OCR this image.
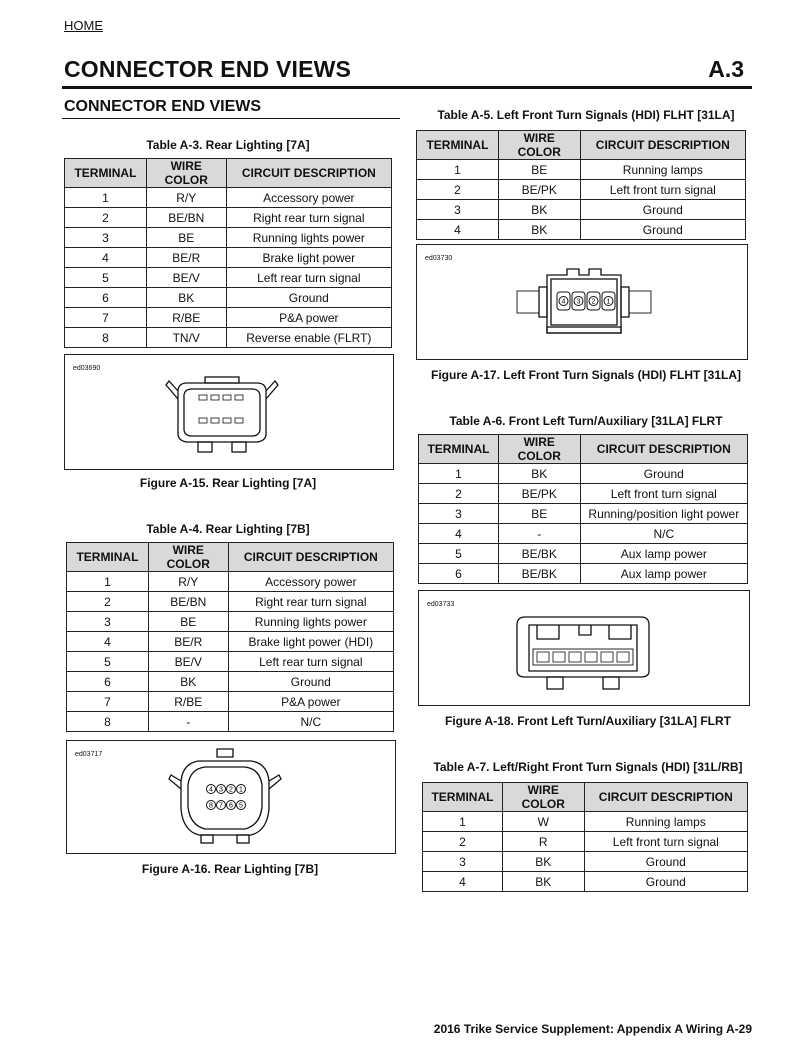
HOME
CONNECTOR END VIEWS	A.3
CONNECTOR END VIEWS
Table A-3. Rear Lighting [7A]
TERMINAL	WIRE COLOR	CIRCUIT DESCRIPTION
1	R/Y	Accessory power
2	BE/BN	Right rear turn signal
3	BE	Running lights power
4	BE/R	Brake light power
5	BE/V	Left rear turn signal
6	BK	Ground
7	R/BE	P&A power
8	TN/V	Reverse enable (FLRT)
ed03690
Figure A-15. Rear Lighting [7A]
Table A-4. Rear Lighting [7B]
TERMINAL	WIRE COLOR	CIRCUIT DESCRIPTION
1	R/Y	Accessory power
2	BE/BN	Right rear turn signal
3	BE	Running lights power
4	BE/R	Brake light power (HDI)
5	BE/V	Left rear turn signal
6	BK	Ground
7	R/BE	P&A power
8	-	N/C
ed03717
4 3 2 1
8 7 6 5
Figure A-16. Rear Lighting [7B]
Table A-5. Left Front Turn Signals (HDI) FLHT [31LA]
TERMINAL	WIRE COLOR	CIRCUIT DESCRIPTION
1	BE	Running lamps
2	BE/PK	Left front turn signal
3	BK	Ground
4	BK	Ground
ed03730
4 3 2 1
Figure A-17. Left Front Turn Signals (HDI) FLHT [31LA]
Table A-6. Front Left Turn/Auxiliary [31LA] FLRT
TERMINAL	WIRE COLOR	CIRCUIT DESCRIPTION
1	BK	Ground
2	BE/PK	Left front turn signal
3	BE	Running/position light power
4	-	N/C
5	BE/BK	Aux lamp power
6	BE/BK	Aux lamp power
ed03733
Figure A-18. Front Left Turn/Auxiliary [31LA] FLRT
Table A-7. Left/Right Front Turn Signals (HDI) [31L/RB]
TERMINAL	WIRE COLOR	CIRCUIT DESCRIPTION
1	W	Running lamps
2	R	Left front turn signal
3	BK	Ground
4	BK	Ground
2016 Trike Service Supplement: Appendix A Wiring A-29
